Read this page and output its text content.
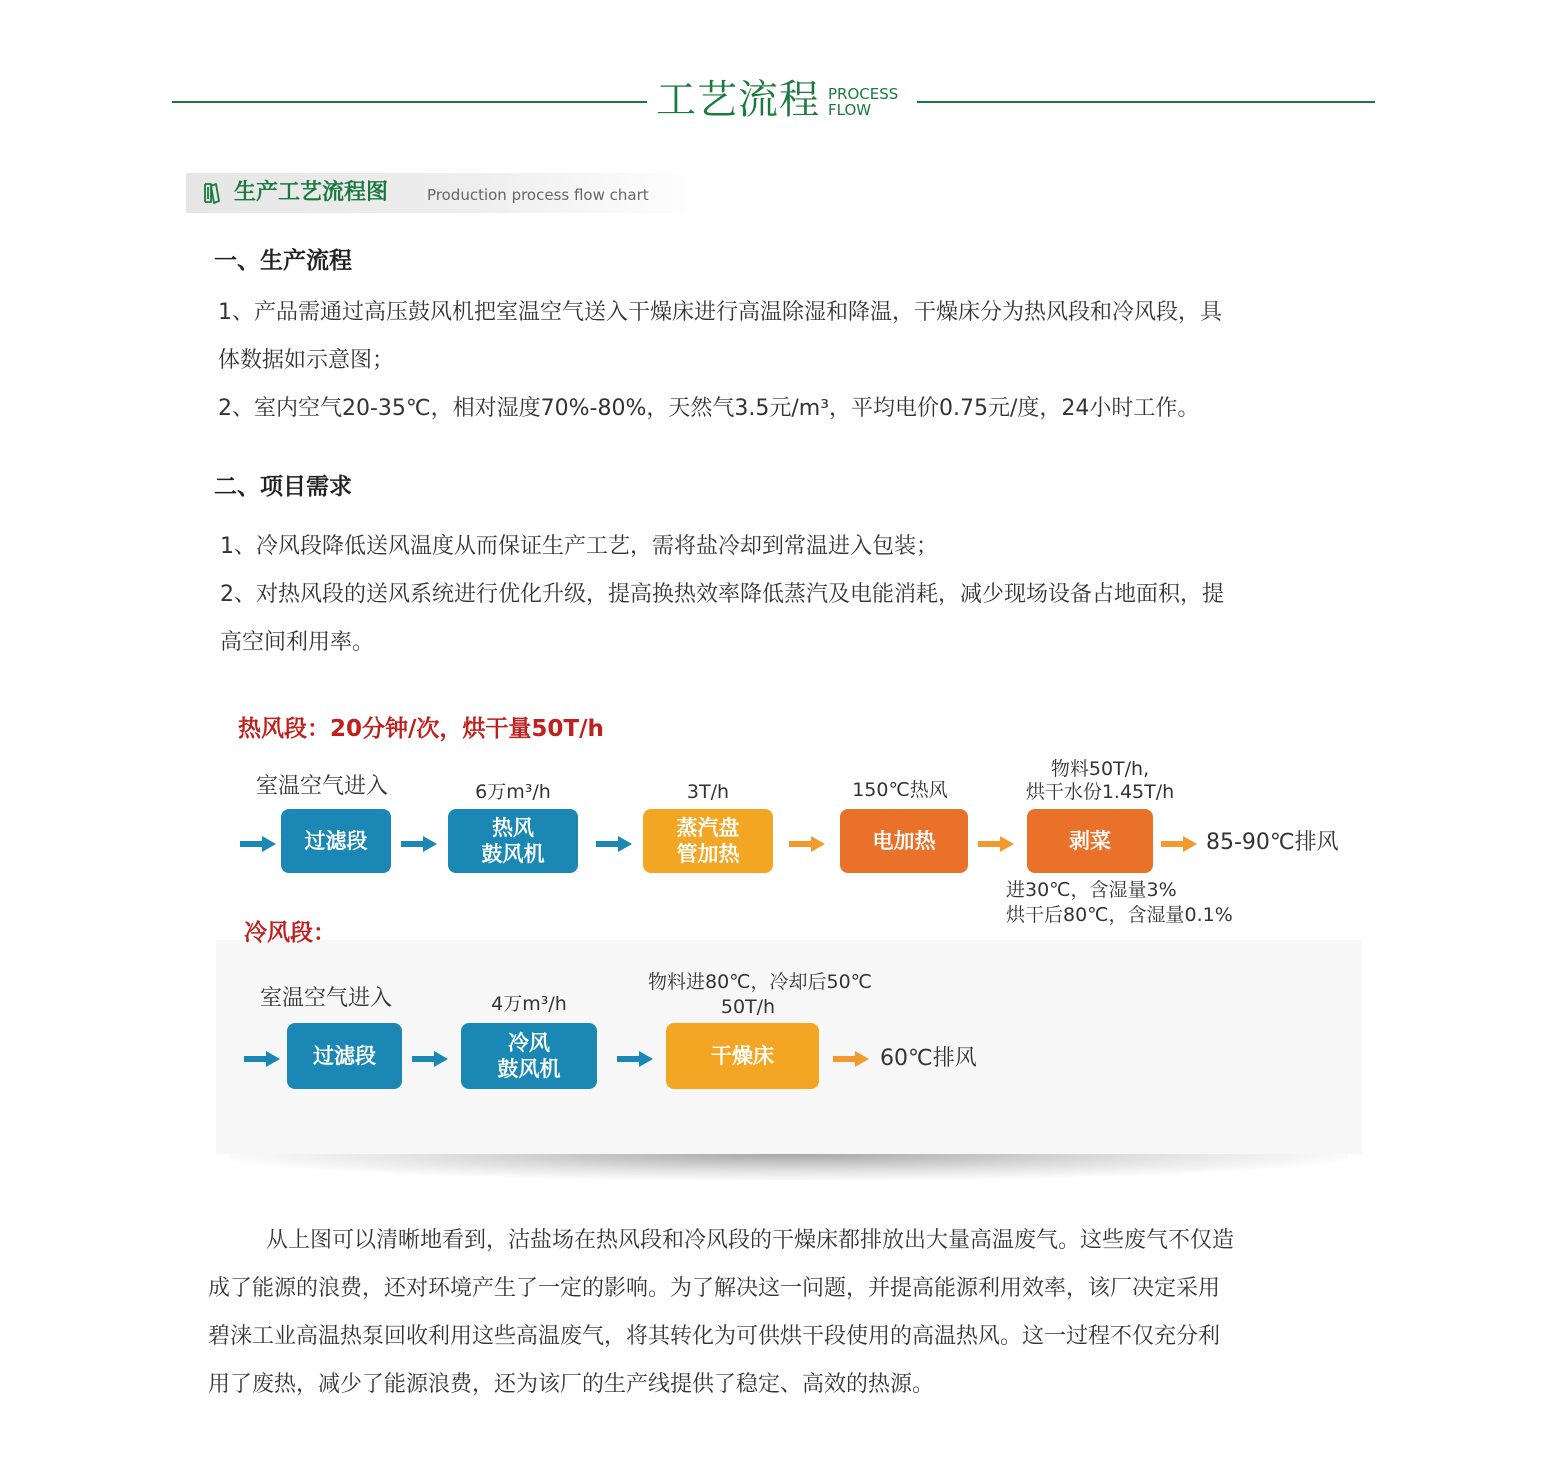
工艺流程 PROCESS
FLOW
生产工艺流程图	Production process flow chart
一、生产流程
1、产品需通过高压鼓风机把室温空气送入干燥床进行高温除湿和降温，干燥床分为热风段和冷风段，具
体数据如示意图；
2、室内空气20-35℃，相对湿度70%-80%，天然气3.5元/m³，平均电价0.75元/度，24小时工作。
二、项目需求
1、冷风段降低送风温度从而保证生产工艺，需将盐冷却到常温进入包装；
2、对热风段的送风系统进行优化升级，提高换热效率降低蒸汽及电能消耗，减少现场设备占地面积，提
高空间利用率。
热风段：20分钟/次，烘干量50T/h
室温空气进入	6万m³/h	3T/h	150℃热风
物料50T/h,
烘干水份1.45T/h
过滤段
热风
鼓风机
蒸汽盘
管加热
电加热	剥菜	85-90℃排风
进30℃，含湿量3%
烘干后80℃，含湿量0.1%
冷风段：
室温空气进入	4万m³/h
物料进80℃，冷却后50℃
50T/h
过滤段
冷风
鼓风机
干燥床	60℃排风
从上图可以清晰地看到，沽盐场在热风段和冷风段的干燥床都排放出大量高温废气。这些废气不仅造
成了能源的浪费，还对环境产生了一定的影响。为了解决这一问题，并提高能源利用效率，该厂决定采用
碧涞工业高温热泵回收利用这些高温废气，将其转化为可供烘干段使用的高温热风。这一过程不仅充分利
用了废热，减少了能源浪费，还为该厂的生产线提供了稳定、高效的热源。
